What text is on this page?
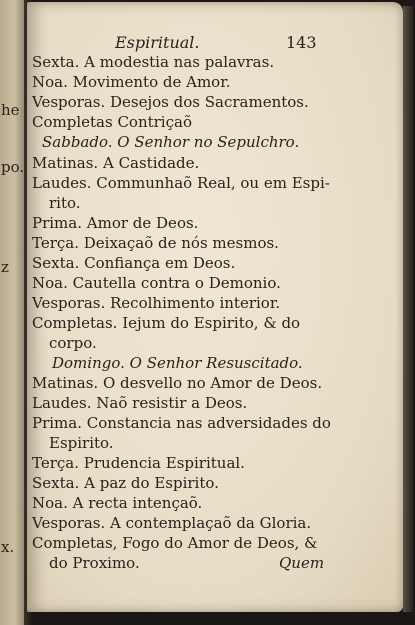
he
po.
z
x.
Espiritual.	143
Sexta. A modestia nas palavras.
Noa. Movimento de Amor.
Vesporas. Desejos dos Sacramentos.
Completas Contriçaõ
Sabbado. O Senhor no Sepulchro.
Matinas. A Castidade.
Laudes. Communhaõ Real, ou em Espi-
rito.
Prima. Amor de Deos.
Terça. Deixaçaõ de nós mesmos.
Sexta. Confiança em Deos.
Noa. Cautella contra o Demonio.
Vesporas. Recolhimento interior.
Completas. Iejum do Espirito, & do
corpo.
Domingo. O Senhor Resuscitado.
Matinas. O desvello no Amor de Deos.
Laudes. Naõ resistir a Deos.
Prima. Constancia nas adversidades do
Espirito.
Terça. Prudencia Espiritual.
Sexta. A paz do Espirito.
Noa. A recta intençaõ.
Vesporas. A contemplaçaõ da Gloria.
Completas, Fogo do Amor de Deos, &
do Proximo.	Quem
